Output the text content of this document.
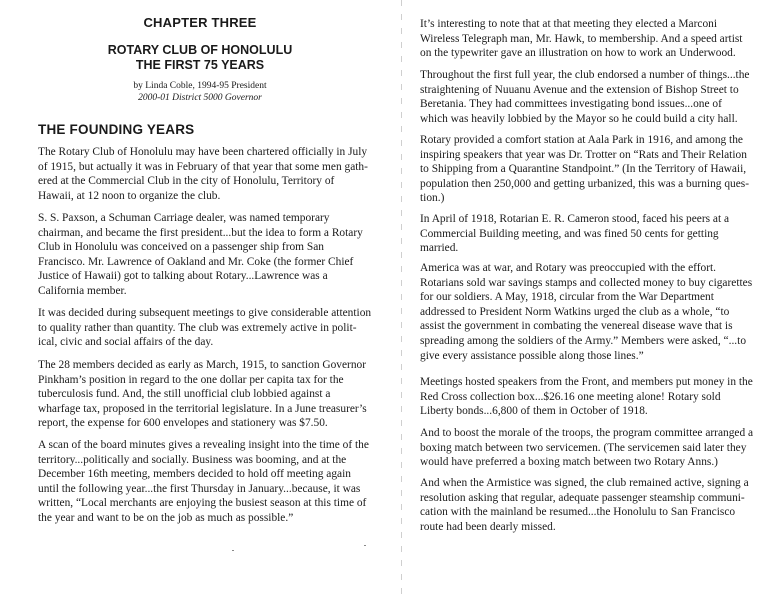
CHAPTER THREE
ROTARY CLUB OF HONOLULU
THE FIRST 75 YEARS
by Linda Coble, 1994-95 President
2000-01 District 5000 Governor
THE FOUNDING YEARS

The Rotary Club of Honolulu may have been chartered officially in July
of 1915, but actually it was in February of that year that some men gath-
ered at the Commercial Club in the city of Honolulu, Territory of
Hawaii, at 12 noon to organize the club.

S. S. Paxson, a Schuman Carriage dealer, was named temporary
chairman, and became the first president...but the idea to form a Rotary
Club in Honolulu was conceived on a passenger ship from San
Francisco. Mr. Lawrence of Oakland and Mr. Coke (the former Chief
Justice of Hawaii) got to talking about Rotary...Lawrence was a
California member.

It was decided during subsequent meetings to give considerable attention
to quality rather than quantity. The club was extremely active in polit-
ical, civic and social affairs of the day.

The 28 members decided as early as March, 1915, to sanction Governor
Pinkham’s position in regard to the one dollar per capita tax for the
tuberculosis fund. And, the still unofficial club lobbied against a
wharfage tax, proposed in the territorial legislature. In a June treasurer’s
report, the expense for 600 envelopes and stationery was $7.50.

A scan of the board minutes gives a revealing insight into the time of the
territory...politically and socially. Business was booming, and at the
December 16th meeting, members decided to hold off meeting again
until the following year...the first Thursday in January...because, it was
written, “Local merchants are enjoying the busiest season at this time of
the year and want to be on the job as much as possible.”

It’s interesting to note that at that meeting they elected a Marconi
Wireless Telegraph man, Mr. Hawk, to membership. And a speed artist
on the typewriter gave an illustration on how to work an Underwood.

Throughout the first full year, the club endorsed a number of things...the
straightening of Nuuanu Avenue and the extension of Bishop Street to
Beretania. They had committees investigating bond issues...one of
which was heavily lobbied by the Mayor so he could build a city hall.

Rotary provided a comfort station at Aala Park in 1916, and among the
inspiring speakers that year was Dr. Trotter on “Rats and Their Relation
to Shipping from a Quarantine Standpoint.” (In the Territory of Hawaii,
population then 250,000 and getting urbanized, this was a burning ques-
tion.)

In April of 1918, Rotarian E. R. Cameron stood, faced his peers at a
Commercial Building meeting, and was fined 50 cents for getting
married.

America was at war, and Rotary was preoccupied with the effort.
Rotarians sold war savings stamps and collected money to buy cigarettes
for our soldiers. A May, 1918, circular from the War Department
addressed to President Norm Watkins urged the club as a whole, “to
assist the government in combating the venereal disease wave that is
spreading among the soldiers of the Army.” Members were asked, “...to
give every assistance possible along those lines.”

Meetings hosted speakers from the Front, and members put money in the
Red Cross collection box...$26.16 one meeting alone! Rotary sold
Liberty bonds...6,800 of them in October of 1918.

And to boost the morale of the troops, the program committee arranged a
boxing match between two servicemen. (The servicemen said later they
would have preferred a boxing match between two Rotary Anns.)

And when the Armistice was signed, the club remained active, signing a
resolution asking that regular, adequate passenger steamship communi-
cation with the mainland be resumed...the Honolulu to San Francisco
route had been dearly missed.
